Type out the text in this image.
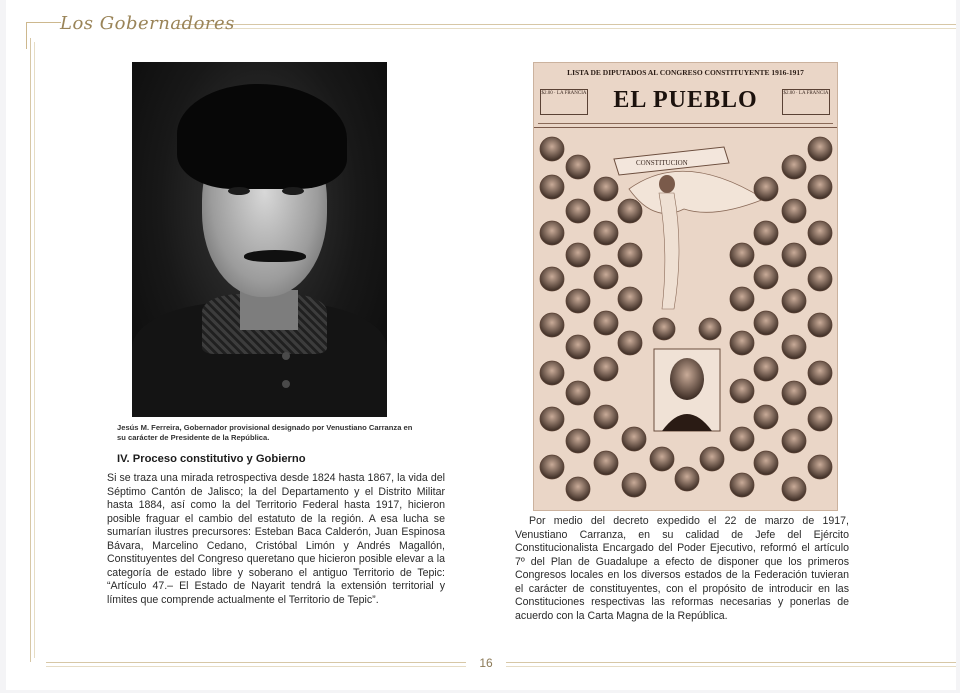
Los Gobernadores
Jesús M. Ferreira, Gobernador provisional designado por Venustiano Carranza en su carácter de Presidente de la República.
IV. Proceso constitutivo y Gobierno
Si se traza una mirada retrospectiva desde 1824 hasta 1867, la vida del Séptimo Cantón de Jalisco; la del Departamento y el Distrito Militar hasta 1884, así como la del Territorio Federal hasta 1917, hicieron posible fraguar el cambio del estatuto de la región. A esa lucha se sumarían ilustres precursores: Esteban Baca Calderón, Juan Espinosa Bávara, Marcelino Cedano, Cristóbal Limón y Andrés Magallón, Constituyentes del Congreso queretano que hicieron posible elevar a la categoría de estado libre y soberano el antiguo Territorio de Tepic: “Artículo 47.– El Estado de Nayarit tendrá la extensión territorial y límites que comprende actualmente el Territorio de Tepic”.
LISTA DE DIPUTADOS AL CONGRESO CONSTITUYENTE 1916-1917
$2.00 · LA FRANCIA	EL PUEBLO	$2.00 · LA FRANCIA
CONSTITUCION
Por medio del decreto expedido el 22 de marzo de 1917, Venustiano Carranza, en su calidad de Jefe del Ejército Constitucionalista Encargado del Poder Ejecutivo, reformó el artículo 7º del Plan de Guadalupe a efecto de disponer que los primeros Congresos locales en los diversos estados de la Federación tuvieran el carácter de constituyentes, con el propósito de introducir en las Constituciones respectivas las reformas necesarias y ponerlas de acuerdo con la Carta Magna de la República.
16
